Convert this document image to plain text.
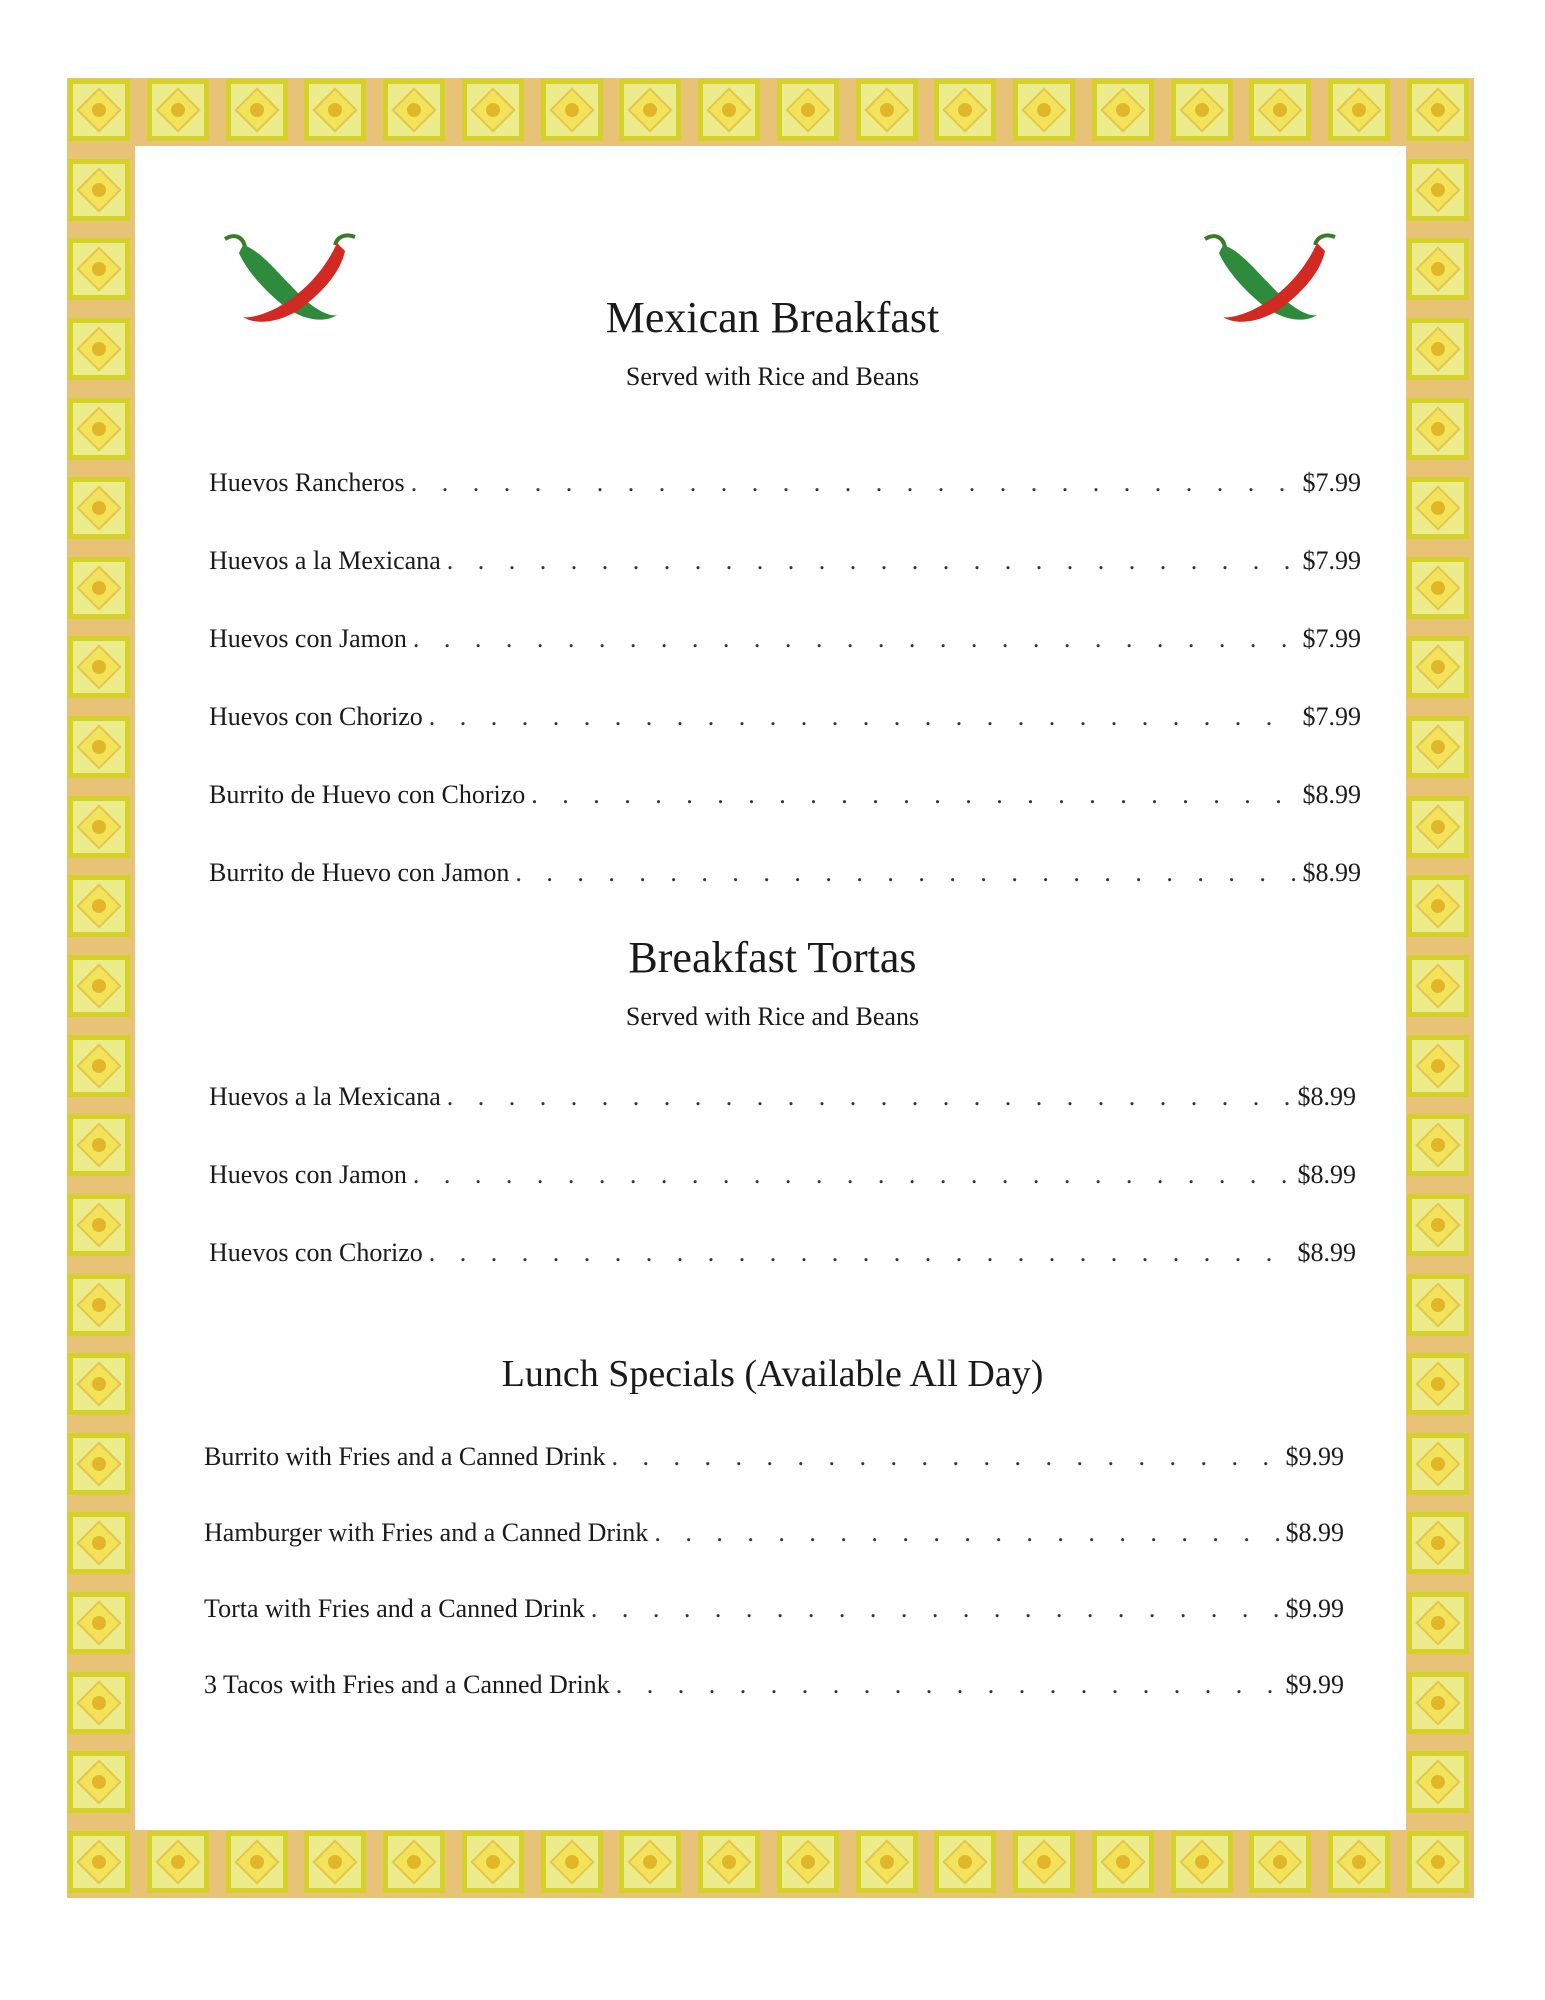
Mexican Breakfast

Served with Rice and Beans

Huevos Rancheros . . .	$7.99
Huevos a la Mexicana . . .	$7.99
Huevos con Jamon . . .	$7.99
Huevos con Chorizo . . .	$7.99
Burrito de Huevo con Chorizo . . .	$8.99
Burrito de Huevo con Jamon . . .	$8.99
Breakfast Tortas

Served with Rice and Beans

Huevos a la Mexicana . . .	$8.99
Huevos con Jamon . . .	$8.99
Huevos con Chorizo . . .	$8.99
Lunch Specials (Available All Day)
Burrito with Fries and a Canned Drink . . .	$9.99
Hamburger with Fries and a Canned Drink . . .	$8.99
Torta with Fries and a Canned Drink . . .	$9.99
3 Tacos with Fries and a Canned Drink . . .	$9.99
